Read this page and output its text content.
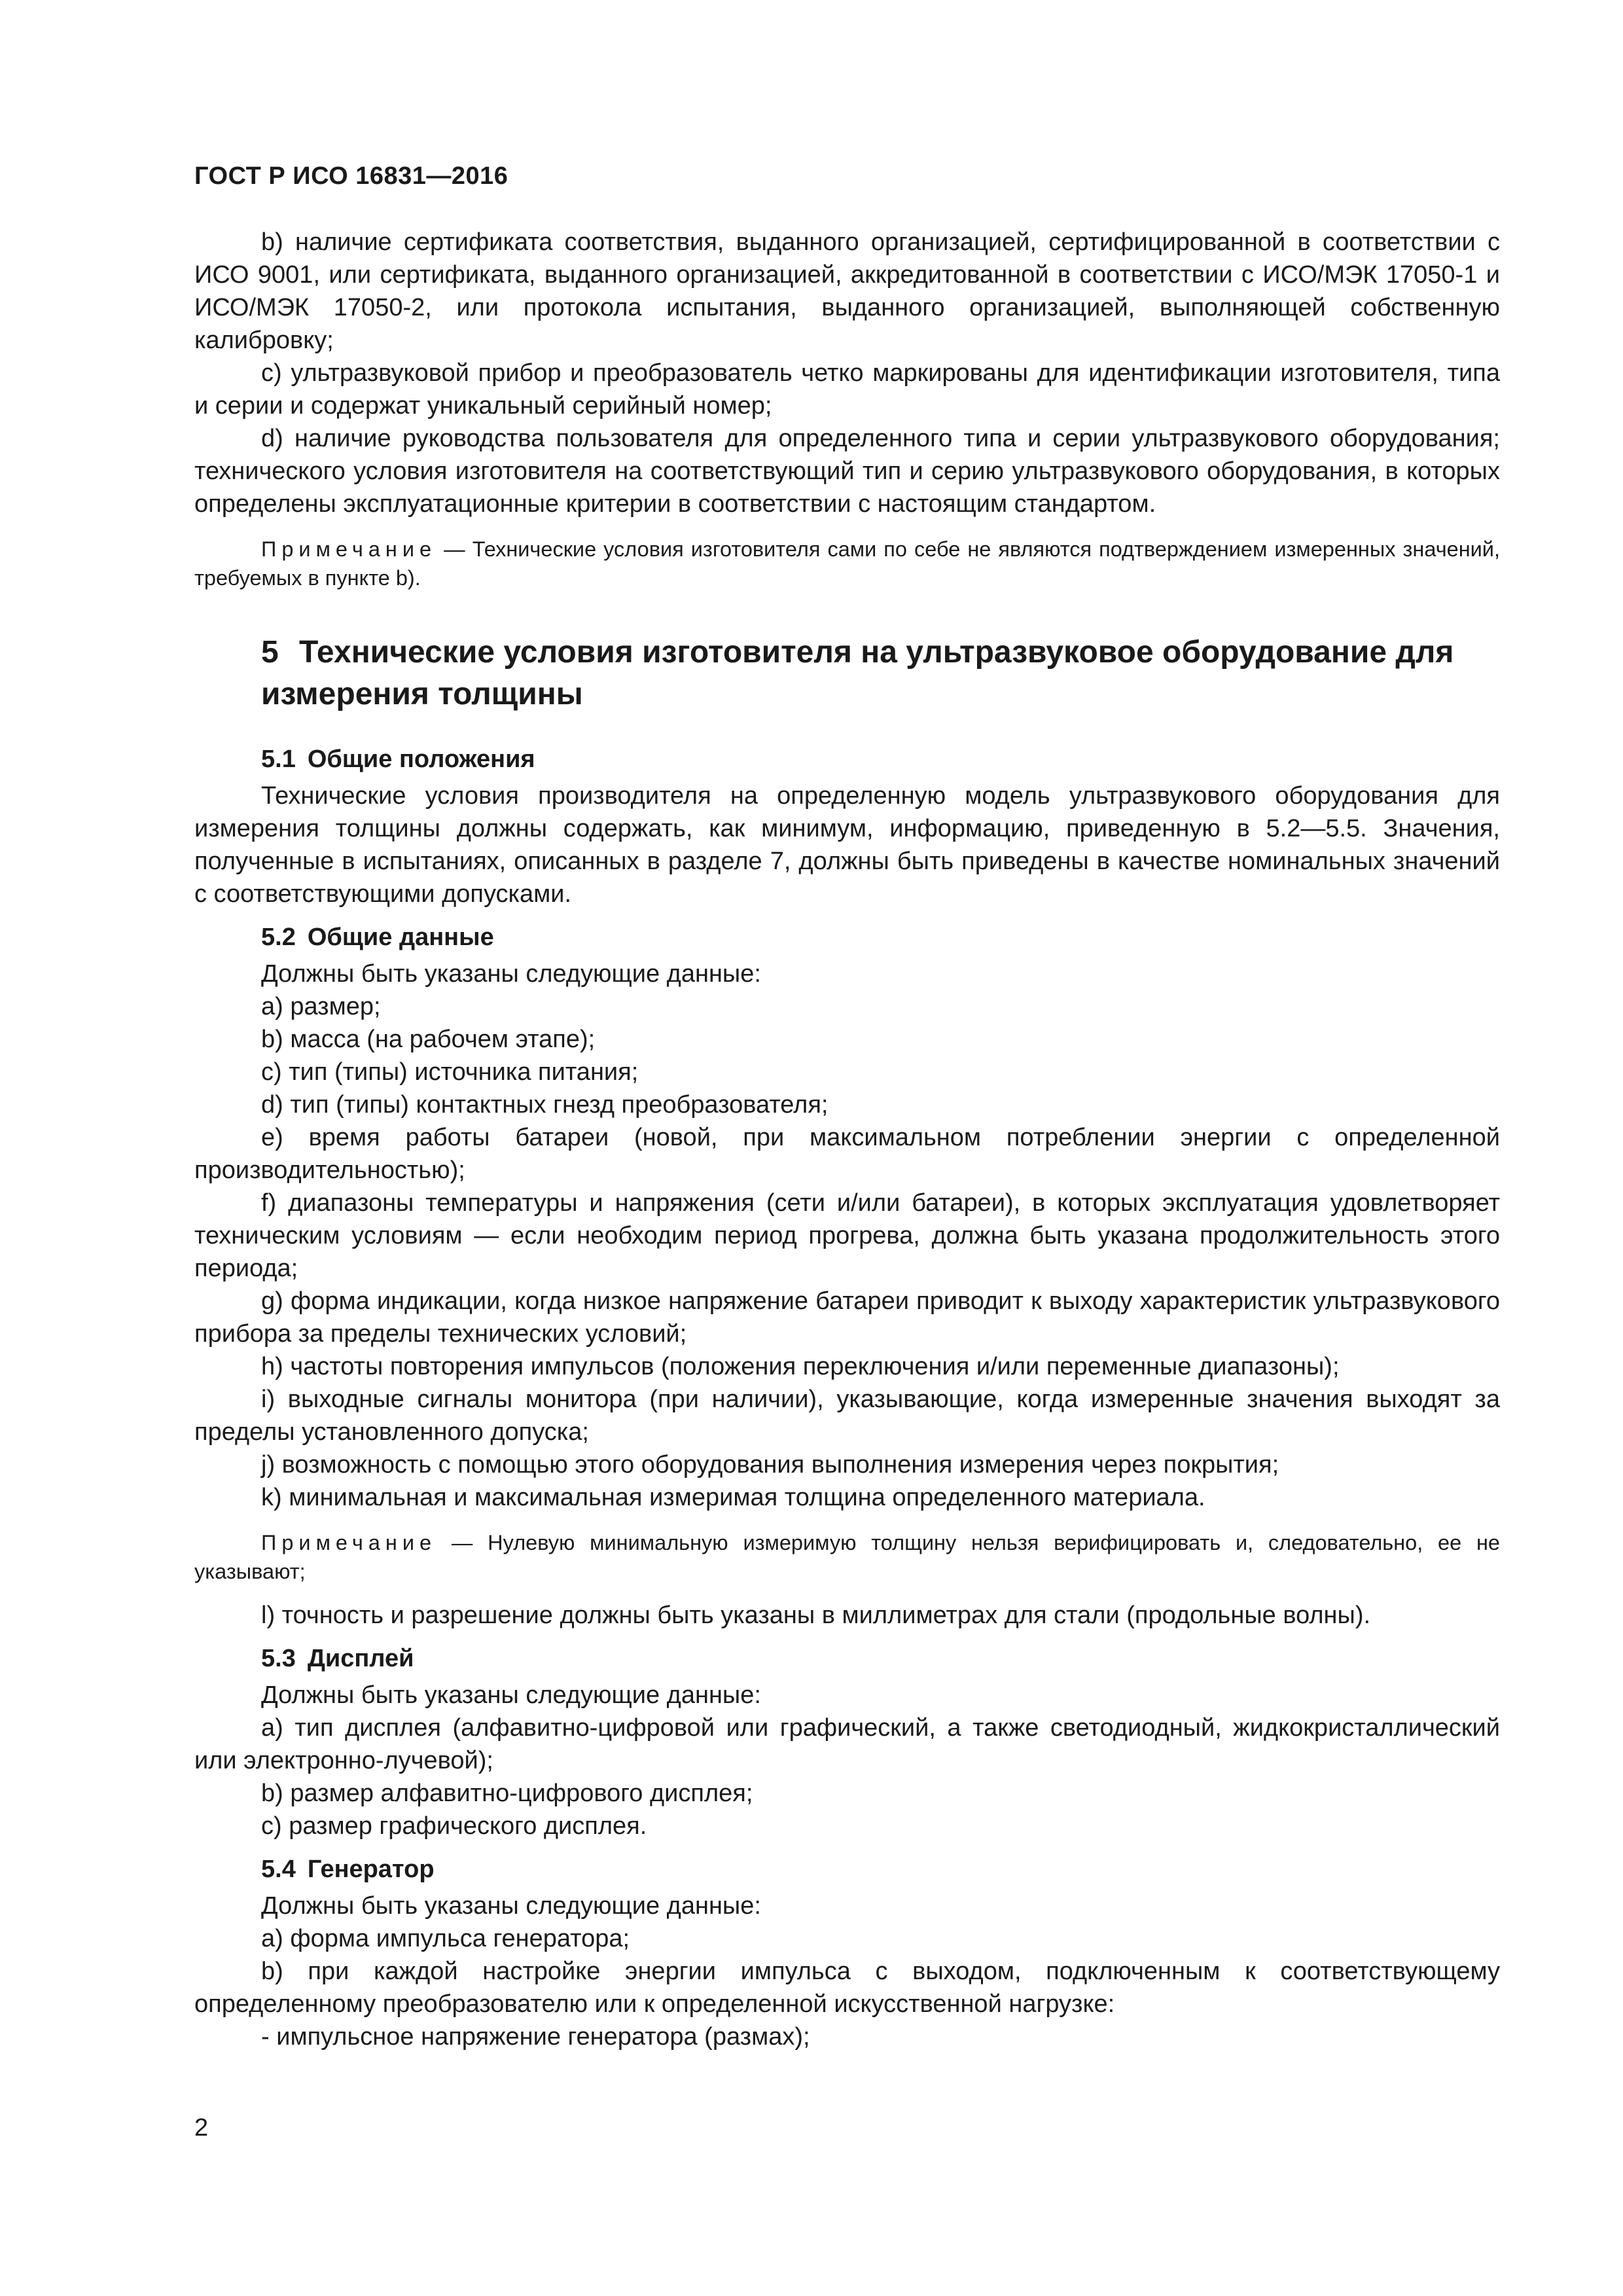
ГОСТ Р ИСО 16831—2016

b) наличие сертификата соответствия, выданного организацией, сертифицированной в соответствии с ИСО 9001, или сертификата, выданного организацией, аккредитованной в соответствии с ИСО/МЭК 17050-1 и ИСО/МЭК 17050-2, или протокола испытания, выданного организацией, выполняющей собственную калибровку;

c) ультразвуковой прибор и преобразователь четко маркированы для идентификации изготовителя, типа и серии и содержат уникальный серийный номер;

d) наличие руководства пользователя для определенного типа и серии ультразвукового оборудования; технического условия изготовителя на соответствующий тип и серию ультразвукового оборудования, в которых определены эксплуатационные критерии в соответствии с настоящим стандартом.

Примечание — Технические условия изготовителя сами по себе не являются подтверждением измеренных значений, требуемых в пункте b).

5 Технические условия изготовителя на ультразвуковое оборудование для измерения толщины
5.1 Общие положения

Технические условия производителя на определенную модель ультразвукового оборудования для измерения толщины должны содержать, как минимум, информацию, приведенную в 5.2—5.5. Значения, полученные в испытаниях, описанных в разделе 7, должны быть приведены в качестве номинальных значений с соответствующими допусками.

5.2 Общие данные

Должны быть указаны следующие данные:

a) размер;

b) масса (на рабочем этапе);

c) тип (типы) источника питания;

d) тип (типы) контактных гнезд преобразователя;

e) время работы батареи (новой, при максимальном потреблении энергии с определенной производительностью);

f) диапазоны температуры и напряжения (сети и/или батареи), в которых эксплуатация удовлетворяет техническим условиям — если необходим период прогрева, должна быть указана продолжительность этого периода;

g) форма индикации, когда низкое напряжение батареи приводит к выходу характеристик ультразвукового прибора за пределы технических условий;

h) частоты повторения импульсов (положения переключения и/или переменные диапазоны);

i) выходные сигналы монитора (при наличии), указывающие, когда измеренные значения выходят за пределы установленного допуска;

j) возможность с помощью этого оборудования выполнения измерения через покрытия;

k) минимальная и максимальная измеримая толщина определенного материала.

Примечание — Нулевую минимальную измеримую толщину нельзя верифицировать и, следовательно, ее не указывают;

l) точность и разрешение должны быть указаны в миллиметрах для стали (продольные волны).

5.3 Дисплей

Должны быть указаны следующие данные:

a) тип дисплея (алфавитно-цифровой или графический, а также светодиодный, жидкокристаллический или электронно-лучевой);

b) размер алфавитно-цифрового дисплея;

c) размер графического дисплея.

5.4 Генератор

Должны быть указаны следующие данные:

a) форма импульса генератора;

b) при каждой настройке энергии импульса с выходом, подключенным к соответствующему определенному преобразователю или к определенной искусственной нагрузке:

- импульсное напряжение генератора (размах);

2
